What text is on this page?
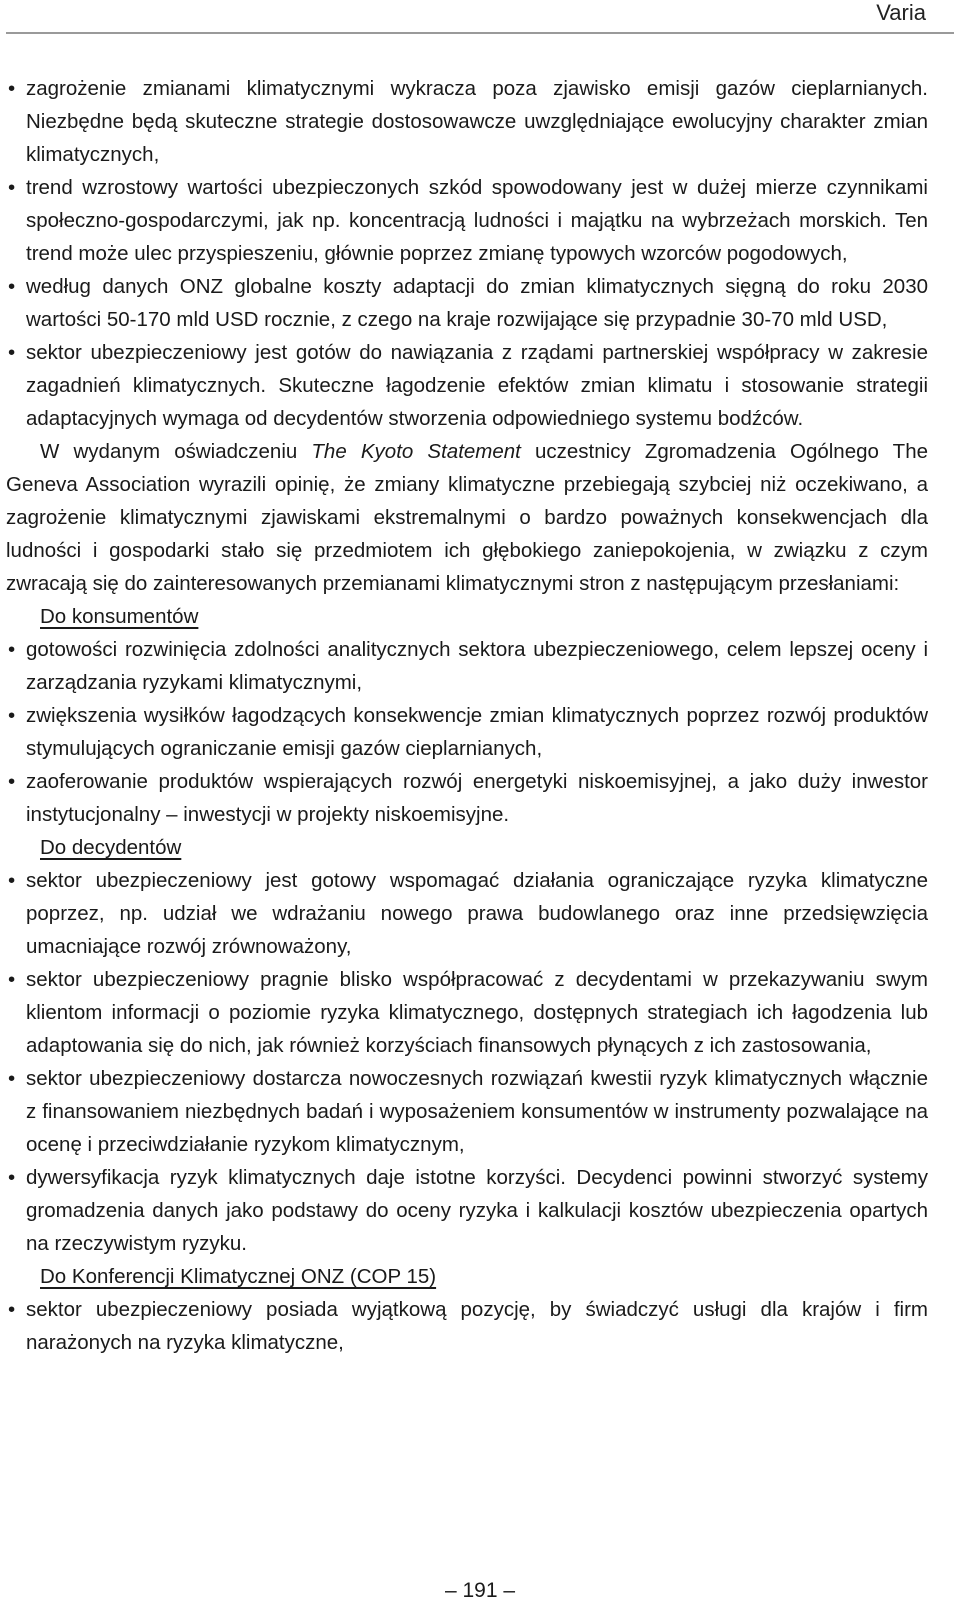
Varia
• zagrożenie zmianami klimatycznymi wykracza poza zjawisko emisji gazów cieplarnianych. Niezbędne będą skuteczne strategie dostosowawcze uwzględniające ewolucyjny charakter zmian klimatycznych,
• trend wzrostowy wartości ubezpieczonych szkód spowodowany jest w dużej mierze czynnikami społeczno-gospodarczymi, jak np. koncentracją ludności i majątku na wybrzeżach morskich. Ten trend może ulec przyspieszeniu, głównie poprzez zmianę typowych wzorców pogodowych,
• według danych ONZ globalne koszty adaptacji do zmian klimatycznych sięgną do roku 2030 wartości 50-170 mld USD rocznie, z czego na kraje rozwijające się przypadnie 30-70 mld USD,
• sektor ubezpieczeniowy jest gotów do nawiązania z rządami partnerskiej współpracy w zakresie zagadnień klimatycznych. Skuteczne łagodzenie efektów zmian klimatu i stosowanie strategii adaptacyjnych wymaga od decydentów stworzenia odpowiedniego systemu bodźców.

W wydanym oświadczeniu The Kyoto Statement uczestnicy Zgromadzenia Ogólnego The Geneva Association wyrazili opinię, że zmiany klimatyczne przebiegają szybciej niż oczekiwano, a zagrożenie klimatycznymi zjawiskami ekstremalnymi o bardzo poważnych konsekwencjach dla ludności i gospodarki stało się przedmiotem ich głębokiego zaniepokojenia, w związku z czym zwracają się do zainteresowanych przemianami klimatycznymi stron z następującym przesłaniami:

Do konsumentów

• gotowości rozwinięcia zdolności analitycznych sektora ubezpieczeniowego, celem lepszej oceny i zarządzania ryzykami klimatycznymi,
• zwiększenia wysiłków łagodzących konsekwencje zmian klimatycznych poprzez rozwój produktów stymulujących ograniczanie emisji gazów cieplarnianych,
• zaoferowanie produktów wspierających rozwój energetyki niskoemisyjnej, a jako duży inwestor instytucjonalny – inwestycji w projekty niskoemisyjne.

Do decydentów

• sektor ubezpieczeniowy jest gotowy wspomagać działania ograniczające ryzyka klimatyczne poprzez, np. udział we wdrażaniu nowego prawa budowlanego oraz inne przedsięwzięcia umacniające rozwój zrównoważony,
• sektor ubezpieczeniowy pragnie blisko współpracować z decydentami w przekazywaniu swym klientom informacji o poziomie ryzyka klimatycznego, dostępnych strategiach ich łagodzenia lub adaptowania się do nich, jak również korzyściach finansowych płynących z ich zastosowania,
• sektor ubezpieczeniowy dostarcza nowoczesnych rozwiązań kwestii ryzyk klimatycznych włącznie z finansowaniem niezbędnych badań i wyposażeniem konsumentów w instrumenty pozwalające na ocenę i przeciwdziałanie ryzykom klimatycznym,
• dywersyfikacja ryzyk klimatycznych daje istotne korzyści. Decydenci powinni stworzyć systemy gromadzenia danych jako podstawy do oceny ryzyka i kalkulacji kosztów ubezpieczenia opartych na rzeczywistym ryzyku.

Do Konferencji Klimatycznej ONZ (COP 15)

• sektor ubezpieczeniowy posiada wyjątkową pozycję, by świadczyć usługi dla krajów i firm narażonych na ryzyka klimatyczne,
– 191 –
